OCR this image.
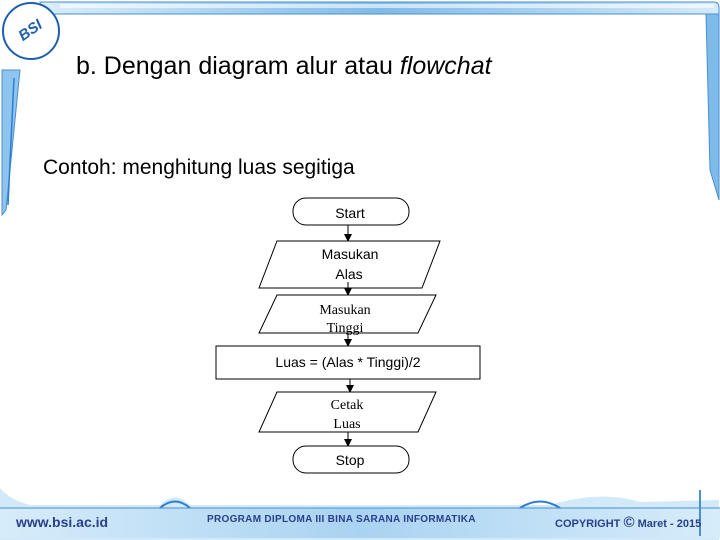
BSI
b. Dengan diagram alur atau flowchat
Contoh: menghitung luas segitiga
Start
Masukan
Alas
Masukan
Tinggi
Luas = (Alas * Tinggi)/2
Cetak
Luas
Stop
www.bsi.ac.id	PROGRAM DIPLOMA III BINA SARANA INFORMATIKA	COPYRIGHT © Maret - 2015
